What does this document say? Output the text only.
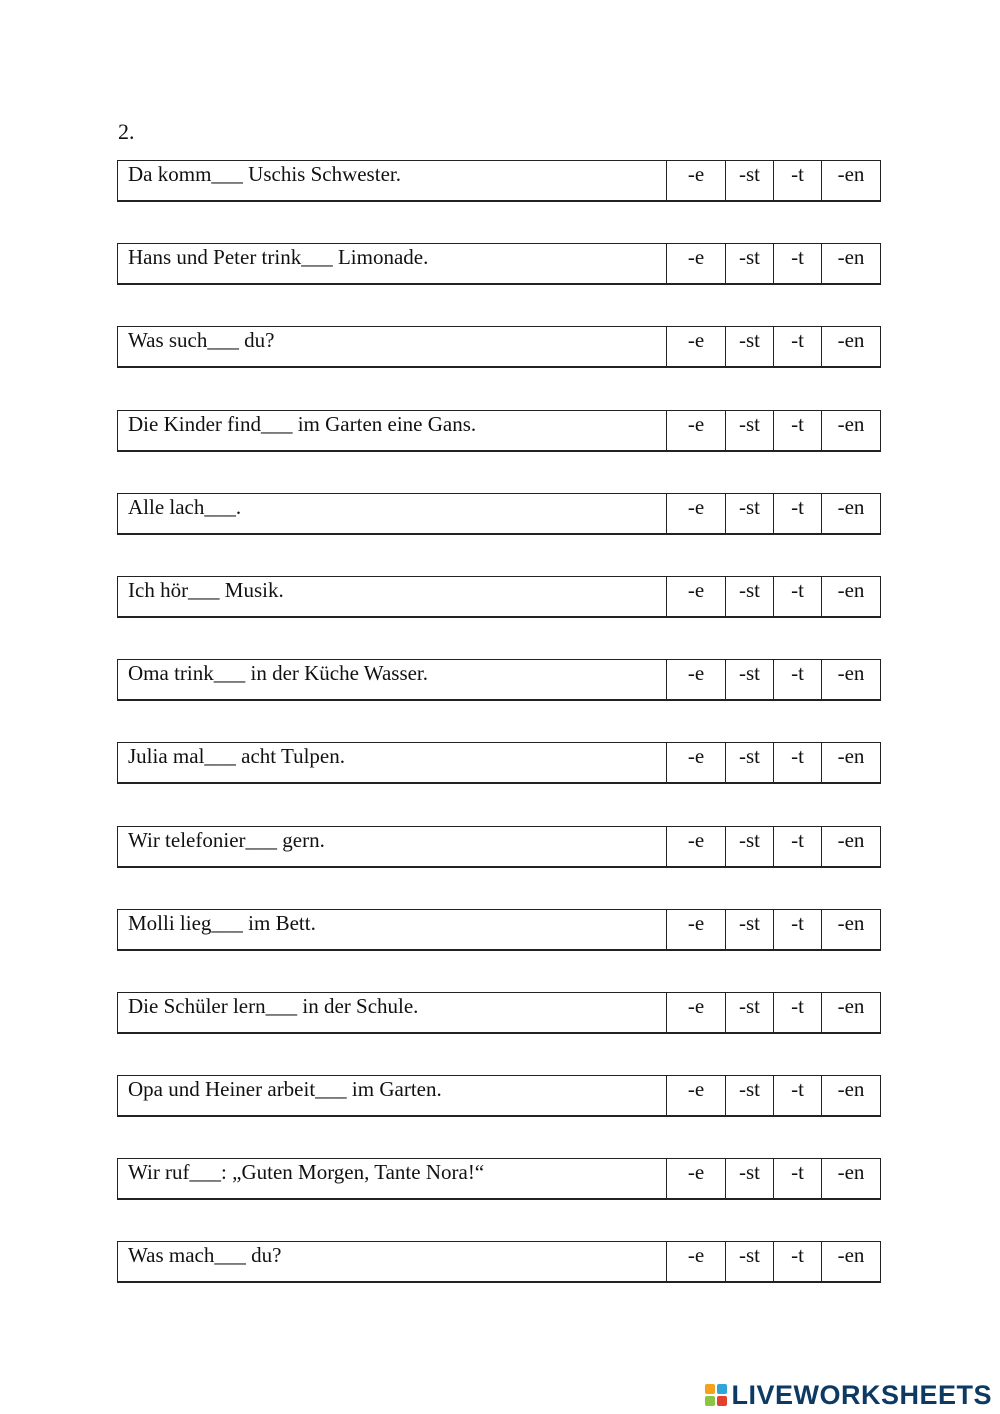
2.
Da komm___ Uschis Schwester.	-e	-st	-t	-en
Hans und Peter trink___ Limonade.	-e	-st	-t	-en
Was such___ du?	-e	-st	-t	-en
Die Kinder find___ im Garten eine Gans.	-e	-st	-t	-en
Alle lach___.	-e	-st	-t	-en
Ich hör___ Musik.	-e	-st	-t	-en
Oma trink___ in der Küche Wasser.	-e	-st	-t	-en
Julia mal___ acht Tulpen.	-e	-st	-t	-en
Wir telefonier___ gern.	-e	-st	-t	-en
Molli lieg___ im Bett.	-e	-st	-t	-en
Die Schüler lern___ in der Schule.	-e	-st	-t	-en
Opa und Heiner arbeit___ im Garten.	-e	-st	-t	-en
Wir ruf___: „Guten Morgen, Tante Nora!“	-e	-st	-t	-en
Was mach___ du?	-e	-st	-t	-en
LIVEWORKSHEETS
